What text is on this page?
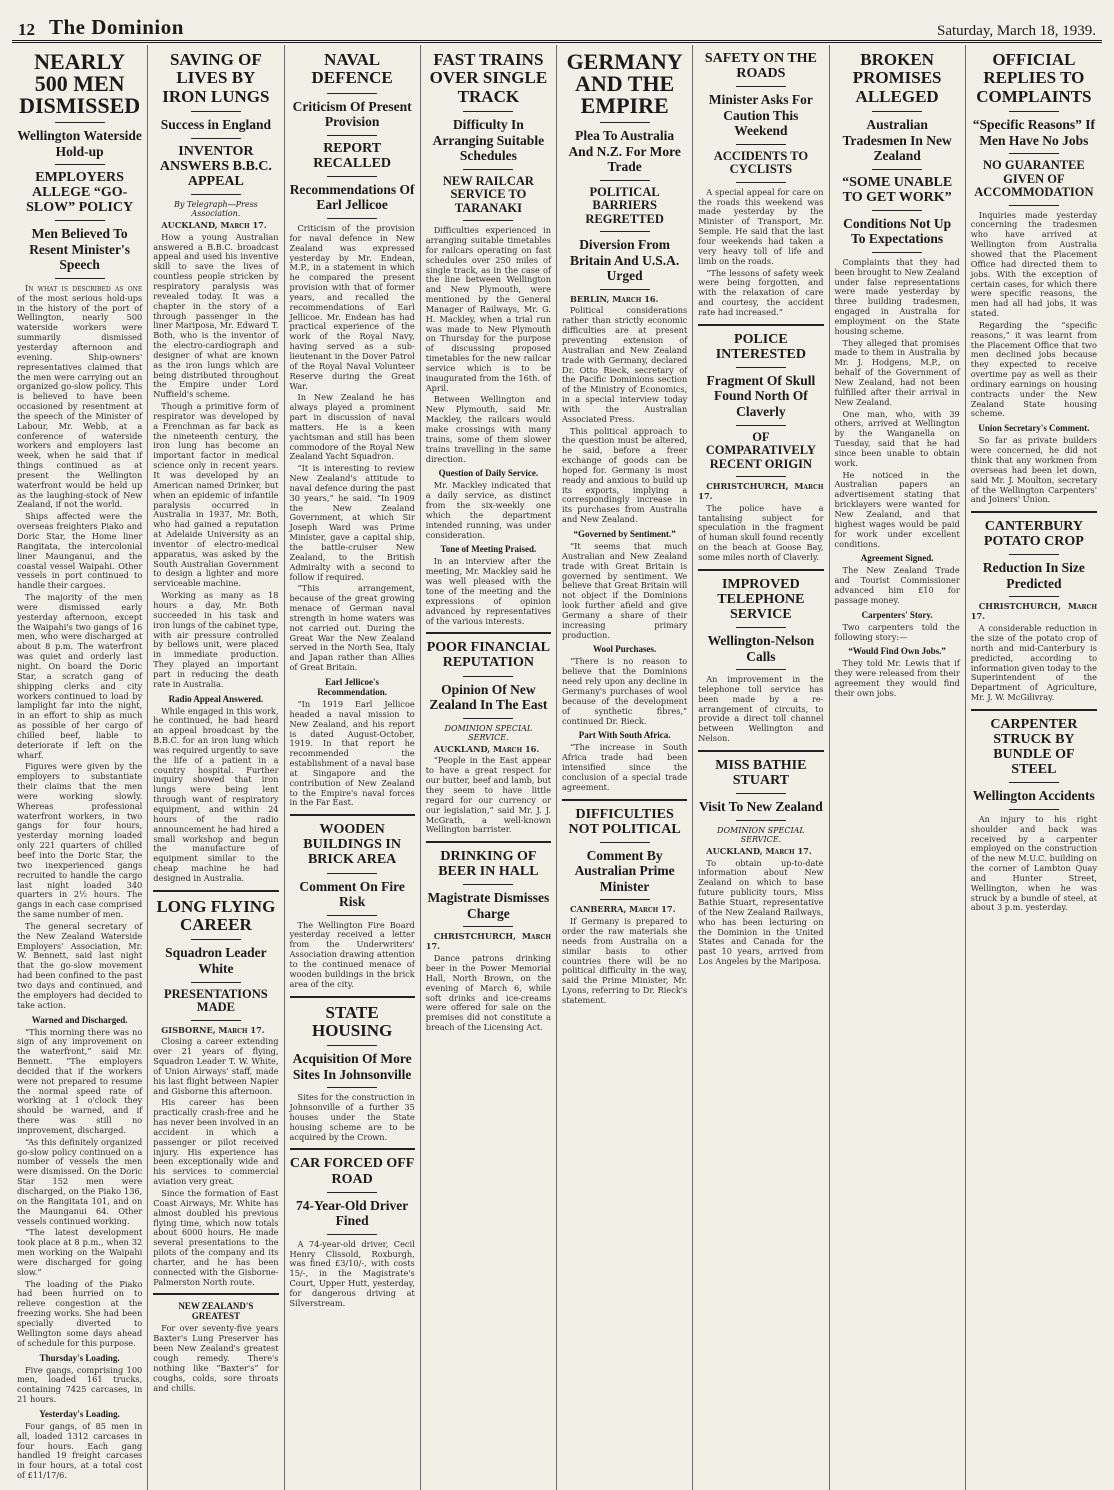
12 The Dominion	Saturday, March 18, 1939.
NEARLY 500 MEN DISMISSED
Wellington Waterside Hold-up
EMPLOYERS ALLEGE “GO-SLOW” POLICY
Men Believed To Resent Minister's Speech

In what is described as one of the most serious hold-ups in the history of the port of Wellington, nearly 500 waterside workers were summarily dismissed yesterday afternoon and evening. Ship-owners' representatives claimed that the men were carrying out an organized go-slow policy. This is believed to have been occasioned by resentment at the speech of the Minister of Labour, Mr. Webb, at a conference of waterside workers and employers last week, when he said that if things continued as at present the Wellington waterfront would be held up as the laughing-stock of New Zealand, if not the world.

Ships affected were the overseas freighters Piako and Doric Star, the Home liner Rangitata, the intercolonial liner Maunganui, and the coastal vessel Waipahi. Other vessels in port continued to handle their cargoes.

The majority of the men were dismissed early yesterday afternoon, except the Waipahi's two gangs of 16 men, who were discharged at about 8 p.m. The waterfront was quiet and orderly last night. On board the Doric Star, a scratch gang of shipping clerks and city workers continued to load by lamplight far into the night, in an effort to ship as much as possible of her cargo of chilled beef, liable to deteriorate if left on the wharf.

Figures were given by the employers to substantiate their claims that the men were working slowly. Whereas professional waterfront workers, in two gangs for four hours, yesterday morning loaded only 221 quarters of chilled beef into the Doric Star, the two inexperienced gangs recruited to handle the cargo last night loaded 340 quarters in 2½ hours. The gangs in each case comprised the same number of men.

The general secretary of the New Zealand Waterside Employers' Association, Mr. W. Bennett, said last night that the go-slow movement had been confined to the past two days and continued, and the employers had decided to take action.

Warned and Discharged.

“This morning there was no sign of any improvement on the waterfront,” said Mr. Bennett. “The employers decided that if the workers were not prepared to resume the normal speed rate of working at 1 o'clock they should be warned, and if there was still no improvement, discharged.

“As this definitely organized go-slow policy continued on a number of vessels the men were dismissed. On the Doric Star 152 men were discharged, on the Piako 136, on the Rangitata 101, and on the Maunganui 64. Other vessels continued working.

“The latest development took place at 8 p.m., when 32 men working on the Waipahi were discharged for going slow.”

The loading of the Piako had been hurried on to relieve congestion at the freezing works. She had been specially diverted to Wellington some days ahead of schedule for this purpose.

Thursday's Loading.

Five gangs, comprising 100 men, loaded 161 trucks, containing 7425 carcases, in 21 hours.

Yesterday's Loading.

Four gangs, of 85 men in all, loaded 1312 carcases in four hours. Each gang handled 19 freight carcases in four hours, at a total cost of £11/17/6.

SAVING OF LIVES BY IRON LUNGS
Success in England
INVENTOR ANSWERS B.B.C. APPEAL
By Telegraph—Press Association.

AUCKLAND, March 17.

How a young Australian answered a B.B.C. broadcast appeal and used his inventive skill to save the lives of countless people stricken by respiratory paralysis was revealed today. It was a chapter in the story of a through passenger in the liner Mariposa, Mr. Edward T. Both, who is the inventor of the electro-cardiograph and designer of what are known as the iron lungs which are being distributed throughout the Empire under Lord Nuffield's scheme.

Though a primitive form of respirator was developed by a Frenchman as far back as the nineteenth century, the iron lung has become an important factor in medical science only in recent years. It was developed by an American named Drinker, but when an epidemic of infantile paralysis occurred in Australia in 1937, Mr. Both, who had gained a reputation at Adelaide University as an inventor of electro-medical apparatus, was asked by the South Australian Government to design a lighter and more serviceable machine.

Working as many as 18 hours a day, Mr. Both succeeded in his task and iron lungs of the cabinet type, with air pressure controlled by bellows unit, were placed in immediate production. They played an important part in reducing the death rate in Australia.

Radio Appeal Answered.

While engaged in this work, he continued, he had heard an appeal broadcast by the B.B.C. for an iron lung which was required urgently to save the life of a patient in a country hospital. Further inquiry showed that iron lungs were being lent through want of respiratory equipment, and within 24 hours of the radio announcement he had hired a small workshop and begun the manufacture of equipment similar to the cheap machine he had designed in Australia.

LONG FLYING CAREER
Squadron Leader White
PRESENTATIONS MADE

GISBORNE, March 17.

Closing a career extending over 21 years of flying, Squadron Leader T. W. White, of Union Airways' staff, made his last flight between Napier and Gisborne this afternoon.

His career has been practically crash-free and he has never been involved in an accident in which a passenger or pilot received injury. His experience has been exceptionally wide and his services to commercial aviation very great.

Since the formation of East Coast Airways, Mr. White has almost doubled his previous flying time, which now totals about 6000 hours. He made several presentations to the pilots of the company and its charter, and he has been connected with the Gisborne-Palmerston North route.

NEW ZEALAND'S GREATEST

For over seventy-five years Baxter's Lung Preserver has been New Zealand's greatest cough remedy. There's nothing like “Baxter's” for coughs, colds, sore throats and chills.

NAVAL DEFENCE
Criticism Of Present Provision
REPORT RECALLED
Recommendations Of Earl Jellicoe

Criticism of the provision for naval defence in New Zealand was expressed yesterday by Mr. Endean, M.P., in a statement in which he compared the present provision with that of former years, and recalled the recommendations of Earl Jellicoe. Mr. Endean has had practical experience of the work of the Royal Navy, having served as a sub-lieutenant in the Dover Patrol of the Royal Naval Volunteer Reserve during the Great War.

In New Zealand he has always played a prominent part in discussion of naval matters. He is a keen yachtsman and still has been commodore of the Royal New Zealand Yacht Squadron.

“It is interesting to review New Zealand's attitude to naval defence during the past 30 years,” he said. “In 1909 the New Zealand Government, at which Sir Joseph Ward was Prime Minister, gave a capital ship, the battle-cruiser New Zealand, to the British Admiralty with a second to follow if required.

“This arrangement, because of the great growing menace of German naval strength in home waters was not carried out. During the Great War the New Zealand served in the North Sea, Italy and Japan rather than Allies of Great Britain.

Earl Jellicoe's Recommendation.

“In 1919 Earl Jellicoe headed a naval mission to New Zealand, and his report is dated August-October, 1919. In that report he recommended the establishment of a naval base at Singapore and the contribution of New Zealand to the Empire's naval forces in the Far East.

WOODEN BUILDINGS IN BRICK AREA
Comment On Fire Risk

The Wellington Fire Board yesterday received a letter from the Underwriters' Association drawing attention to the continued menace of wooden buildings in the brick area of the city.

STATE HOUSING
Acquisition Of More Sites In Johnsonville

Sites for the construction in Johnsonville of a further 35 houses under the State housing scheme are to be acquired by the Crown.

CAR FORCED OFF ROAD
74-Year-Old Driver Fined

A 74-year-old driver, Cecil Henry Clissold, Roxburgh, was fined £3/10/-, with costs 15/-, in the Magistrate's Court, Upper Hutt, yesterday, for dangerous driving at Silverstream.

FAST TRAINS OVER SINGLE TRACK
Difficulty In Arranging Suitable Schedules
NEW RAILCAR SERVICE TO TARANAKI

Difficulties experienced in arranging suitable timetables for railcars operating on fast schedules over 250 miles of single track, as in the case of the line between Wellington and New Plymouth, were mentioned by the General Manager of Railways, Mr. G. H. Mackley, when a trial run was made to New Plymouth on Thursday for the purpose of discussing proposed timetables for the new railcar service which is to be inaugurated from the 16th. of April.

Between Wellington and New Plymouth, said Mr. Mackley, the railcars would make crossings with many trains, some of them slower trains travelling in the same direction.

Question of Daily Service.

Mr. Mackley indicated that a daily service, as distinct from the six-weekly one which the department intended running, was under consideration.

Tone of Meeting Praised.

In an interview after the meeting, Mr. Mackley said he was well pleased with the tone of the meeting and the expressions of opinion advanced by representatives of the various interests.

POOR FINANCIAL REPUTATION
Opinion Of New Zealand In The East
DOMINION SPECIAL SERVICE.

AUCKLAND, March 16.

“People in the East appear to have a great respect for our butter, beef and lamb, but they seem to have little regard for our currency or our legislation,” said Mr. J. J. McGrath, a well-known Wellington barrister.

DRINKING OF BEER IN HALL
Magistrate Dismisses Charge

CHRISTCHURCH, March 17.

Dance patrons drinking beer in the Power Memorial Hall, North Brown, on the evening of March 6, while soft drinks and ice-creams were offered for sale on the premises did not constitute a breach of the Licensing Act.

GERMANY AND THE EMPIRE
Plea To Australia And N.Z. For More Trade
POLITICAL BARRIERS REGRETTED
Diversion From Britain And U.S.A. Urged

BERLIN, March 16.

Political considerations rather than strictly economic difficulties are at present preventing extension of Australian and New Zealand trade with Germany, declared Dr. Otto Rieck, secretary of the Pacific Dominions section of the Ministry of Economics, in a special interview today with the Australian Associated Press.

This political approach to the question must be altered, he said, before a freer exchange of goods can be hoped for. Germany is most ready and anxious to build up its exports, implying a correspondingly increase in its purchases from Australia and New Zealand.

“Governed by Sentiment.”

“It seems that much Australian and New Zealand trade with Great Britain is governed by sentiment. We believe that Great Britain will not object if the Dominions look further afield and give Germany a share of their increasing primary production.

Wool Purchases.

“There is no reason to believe that the Dominions need rely upon any decline in Germany's purchases of wool because of the development of synthetic fibres,” continued Dr. Rieck.

Part With South Africa.

“The increase in South Africa trade had been intensified since the conclusion of a special trade agreement.

DIFFICULTIES NOT POLITICAL
Comment By Australian Prime Minister

CANBERRA, March 17.

If Germany is prepared to order the raw materials she needs from Australia on a similar basis to other countries there will be no political difficulty in the way, said the Prime Minister, Mr. Lyons, referring to Dr. Rieck's statement.

SAFETY ON THE ROADS
Minister Asks For Caution This Weekend
ACCIDENTS TO CYCLISTS

A special appeal for care on the roads this weekend was made yesterday by the Minister of Transport, Mr. Semple. He said that the last four weekends had taken a very heavy toll of life and limb on the roads.

“The lessons of safety week were being forgotten, and with the relaxation of care and courtesy, the accident rate had increased.”

POLICE INTERESTED
Fragment Of Skull Found North Of Claverly
OF COMPARATIVELY RECENT ORIGIN

CHRISTCHURCH, March 17.

The police have a tantalising subject for speculation in the fragment of human skull found recently on the beach at Goose Bay, some miles north of Claverly.

IMPROVED TELEPHONE SERVICE
Wellington-Nelson Calls

An improvement in the telephone toll service has been made by a re-arrangement of circuits, to provide a direct toll channel between Wellington and Nelson.

MISS BATHIE STUART
Visit To New Zealand
DOMINION SPECIAL SERVICE.

AUCKLAND, March 17.

To obtain up-to-date information about New Zealand on which to base future publicity tours, Miss Bathie Stuart, representative of the New Zealand Railways, who has been lecturing on the Dominion in the United States and Canada for the past 10 years, arrived from Los Angeles by the Mariposa.

BROKEN PROMISES ALLEGED
Australian Tradesmen In New Zealand
“SOME UNABLE TO GET WORK”
Conditions Not Up To Expectations

Complaints that they had been brought to New Zealand under false representations were made yesterday by three building tradesmen, engaged in Australia for employment on the State housing scheme.

They alleged that promises made to them in Australia by Mr. J. Hodgens, M.P., on behalf of the Government of New Zealand, had not been fulfilled after their arrival in New Zealand.

One man, who, with 39 others, arrived at Wellington by the Wanganella on Tuesday, said that he had since been unable to obtain work.

He noticed in the Australian papers an advertisement stating that bricklayers were wanted for New Zealand, and that highest wages would be paid for work under excellent conditions.

Agreement Signed.

The New Zealand Trade and Tourist Commissioner advanced him £10 for passage money.

Carpenters' Story.

Two carpenters told the following story:—

“Would Find Own Jobs.”

They told Mr. Lewis that if they were released from their agreement they would find their own jobs.

OFFICIAL REPLIES TO COMPLAINTS
“Specific Reasons” If Men Have No Jobs
NO GUARANTEE GIVEN OF ACCOMMODATION

Inquiries made yesterday concerning the tradesmen who have arrived at Wellington from Australia showed that the Placement Office had directed them to jobs. With the exception of certain cases, for which there were specific reasons, the men had all had jobs, it was stated.

Regarding the “specific reasons,” it was learnt from the Placement Office that two men declined jobs because they expected to receive overtime pay as well as their ordinary earnings on housing contracts under the New Zealand State housing scheme.

Union Secretary's Comment.

So far as private builders were concerned, he did not think that any workmen from overseas had been let down, said Mr. J. Moulton, secretary of the Wellington Carpenters' and Joiners' Union.

CANTERBURY POTATO CROP
Reduction In Size Predicted

CHRISTCHURCH, March 17.

A considerable reduction in the size of the potato crop of north and mid-Canterbury is predicted, according to information given today to the Superintendent of the Department of Agriculture, Mr. J. W. McGilivray.

CARPENTER STRUCK BY BUNDLE OF STEEL
Wellington Accidents

An injury to his right shoulder and back was received by a carpenter employed on the construction of the new M.U.C. building on the corner of Lambton Quay and Hunter Street, Wellington, when he was struck by a bundle of steel, at about 3 p.m. yesterday.
